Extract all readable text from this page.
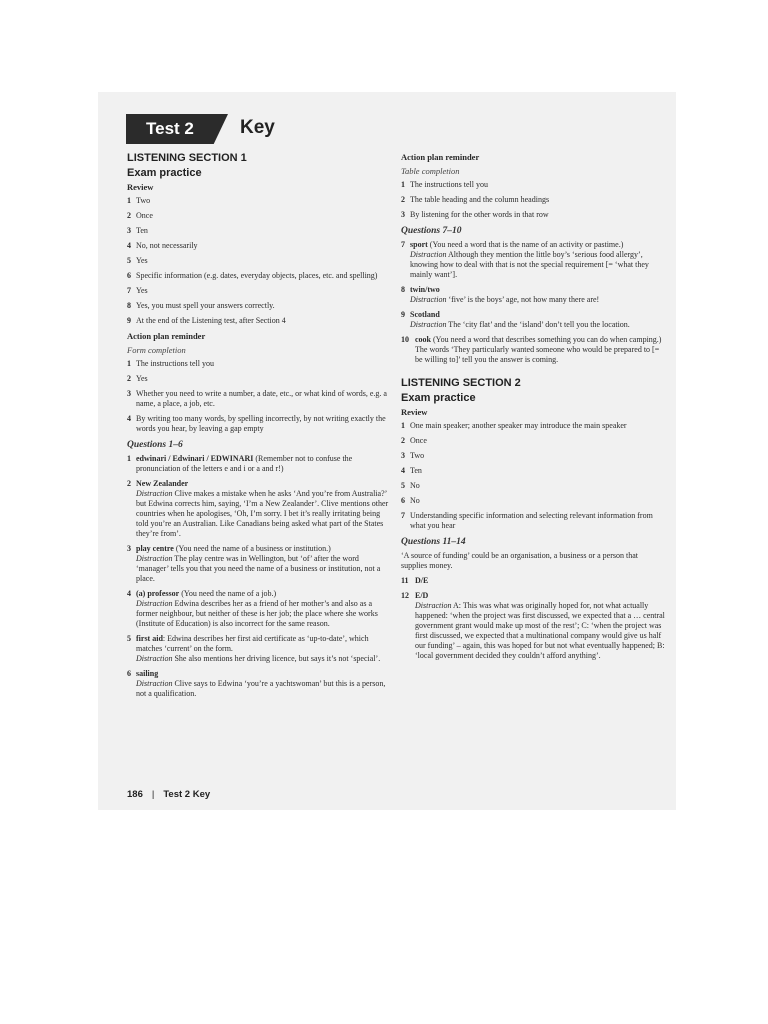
Test 2 Key
LISTENING SECTION 1
Exam practice
Review
1 Two
2 Once
3 Ten
4 No, not necessarily
5 Yes
6 Specific information (e.g. dates, everyday objects, places, etc. and spelling)
7 Yes
8 Yes, you must spell your answers correctly.
9 At the end of the Listening test, after Section 4
Action plan reminder
Form completion
1 The instructions tell you
2 Yes
3 Whether you need to write a number, a date, etc., or what kind of words, e.g. a name, a place, a job, etc.
4 By writing too many words, by spelling incorrectly, by not writing exactly the words you hear, by leaving a gap empty
Questions 1–6
1 edwinari / Edwinari / EDWINARI (Remember not to confuse the pronunciation of the letters e and i or a and r!)
2 New Zealander
Distraction Clive makes a mistake when he asks ‘And you’re from Australia?’ but Edwina corrects him, saying, ‘I’m a New Zealander’. Clive mentions other countries when he apologises, ‘Oh, I’m sorry. I bet it’s really irritating being told you’re an Australian. Like Canadians being asked what part of the States they’re from’.
3 play centre (You need the name of a business or institution.)
Distraction The play centre was in Wellington, but ‘of’ after the word ‘manager’ tells you that you need the name of a business or institution, not a place.
4 (a) professor (You need the name of a job.)
Distraction Edwina describes her as a friend of her mother’s and also as a former neighbour, but neither of these is her job; the place where she works (Institute of Education) is also incorrect for the same reason.
5 first aid: Edwina describes her first aid certificate as ‘up-to-date’, which matches ‘current’ on the form.
Distraction She also mentions her driving licence, but says it’s not ‘special’.
6 sailing
Distraction Clive says to Edwina ‘you’re a yachtswoman’ but this is a person, not a qualification.
Action plan reminder
Table completion
1 The instructions tell you
2 The table heading and the column headings
3 By listening for the other words in that row
Questions 7–10
7 sport (You need a word that is the name of an activity or pastime.)
Distraction Although they mention the little boy’s ‘serious food allergy’, knowing how to deal with that is not the special requirement [= ‘what they mainly want’].
8 twin/two
Distraction ‘five’ is the boys’ age, not how many there are!
9 Scotland
Distraction The ‘city flat’ and the ‘island’ don’t tell you the location.
10 cook (You need a word that describes something you can do when camping.) The words ‘They particularly wanted someone who would be prepared to [= be willing to]’ tell you the answer is coming.
LISTENING SECTION 2
Exam practice
Review
1 One main speaker; another speaker may introduce the main speaker
2 Once
3 Two
4 Ten
5 No
6 No
7 Understanding specific information and selecting relevant information from what you hear
Questions 11–14
‘A source of funding’ could be an organisation, a business or a person that supplies money.
11 D/E
12 E/D
Distraction A: This was what was originally hoped for, not what actually happened: ‘when the project was first discussed, we expected that a … central government grant would make up most of the rest’; C: ‘when the project was first discussed, we expected that a multinational company would give us half our funding’ – again, this was hoped for but not what eventually happened; B: ‘local government decided they couldn’t afford anything’.
186 | Test 2 Key
